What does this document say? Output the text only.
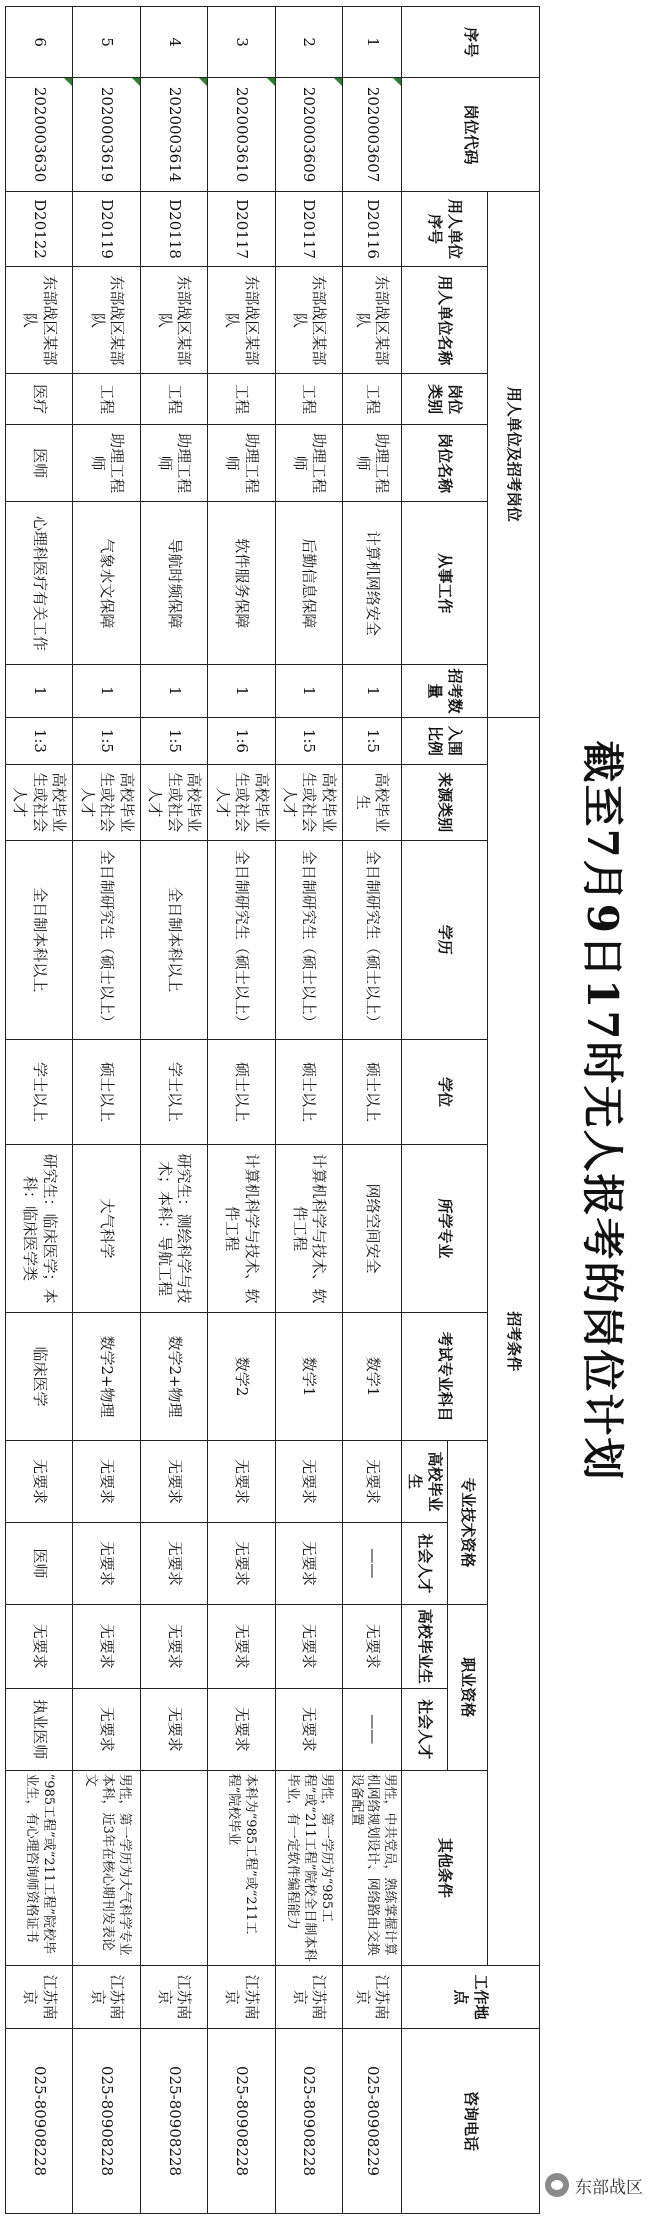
截至7月9日17时无人报考的岗位计划
序号	岗位代码	用人单位及招考岗位						招考条件											工作地点	咨询电话
		用人单位序号	用人单位名称	岗位类别	岗位名称	从事工作	招考数量	入围比例	来源类别	学历	学位	所学专业	考试专业科目	专业技术资格		职业资格		其他条件		
														高校毕业生	社会人才	高校毕业生	社会人才			
1	2020003607	D20116	东部战区某部队	工程	助理工程师	计算机网络安全	1	1:5	高校毕业生	全日制研究生（硕士以上）	硕士以上	网络空间安全	数学1	无要求	——	无要求	——	男性，中共党员，熟练掌握计算机网络规划设计、网络路由交换设备配置	江苏南京	025-80908229
2	2020003609	D20117	东部战区某部队	工程	助理工程师	后勤信息保障	1	1:5	高校毕业生或社会人才	全日制研究生（硕士以上）	硕士以上	计算机科学与技术、软件工程	数学1	无要求	无要求	无要求	无要求	男性，第一学历为“985工程”或“211工程”院校全日制本科毕业，有一定软件编程能力	江苏南京	025-80908228
3	2020003610	D20117	东部战区某部队	工程	助理工程师	软件服务保障	1	1:6	高校毕业生或社会人才	全日制研究生（硕士以上）	硕士以上	计算机科学与技术、软件工程	数学2	无要求	无要求	无要求	无要求	本科为“985工程”或“211工程”院校毕业	江苏南京	025-80908228
4	2020003614	D20118	东部战区某部队	工程	助理工程师	导航时频保障	1	1:5	高校毕业生或社会人才	全日制本科以上	学士以上	研究生：测绘科学与技术；本科：导航工程	数学2+物理	无要求	无要求	无要求	无要求		江苏南京	025-80908228
5	2020003619	D20119	东部战区某部队	工程	助理工程师	气象水文保障	1	1:5	高校毕业生或社会人才	全日制研究生（硕士以上）	硕士以上	大气科学	数学2+物理	无要求	无要求	无要求	无要求	男性，第一学历为大气科学专业本科，近3年在核心期刊发表论文	江苏南京	025-80908228
6	2020003630	D20122	东部战区某部队	医疗	医师	心理科医疗有关工作	1	1:3	高校毕业生或社会人才	全日制本科以上	学士以上	研究生：临床医学；本科：临床医学类	临床医学	无要求	医师	无要求	执业医师	“985工程”或“211工程”院校毕业生，有心理咨询师资格证书	江苏南京	025-80908228
东部战区
